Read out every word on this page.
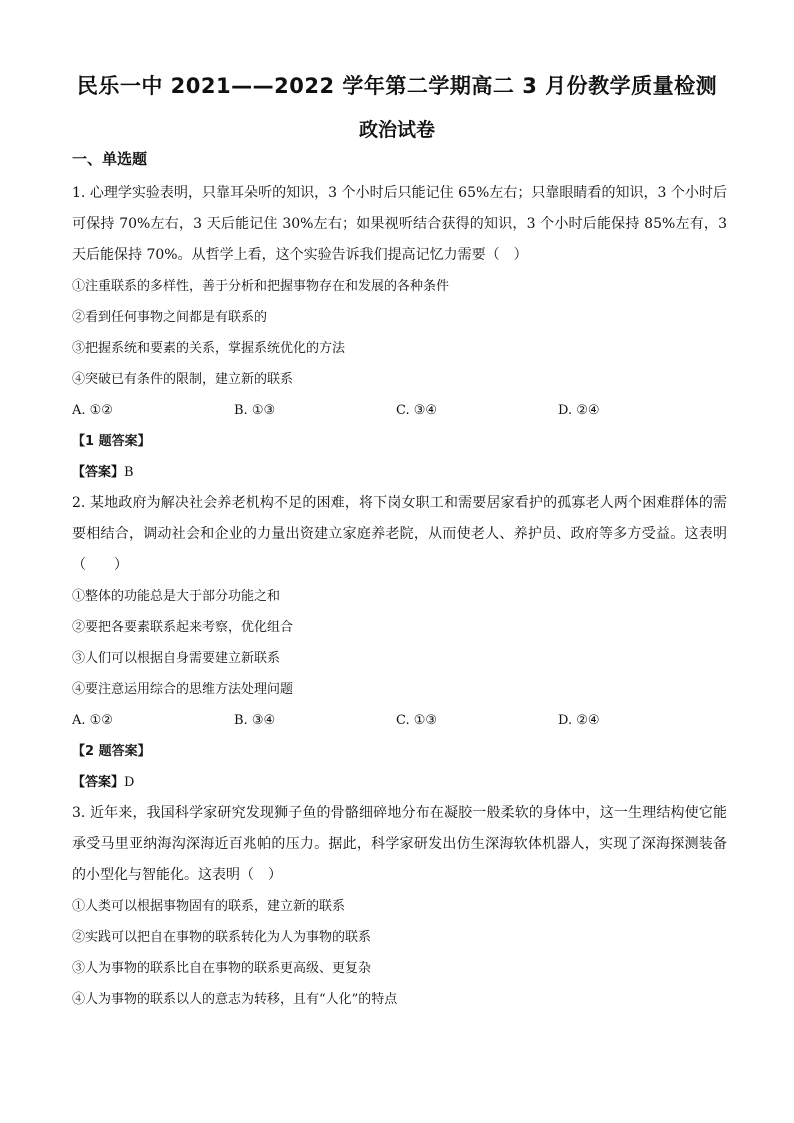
民乐一中 2021——2022 学年第二学期高二 3 月份教学质量检测
政治试卷

一、单选题

1. 心理学实验表明，只靠耳朵听的知识，3 个小时后只能记住 65%左右；只靠眼睛看的知识，3 个小时后可保持 70%左右，3 天后能记住 30%左右；如果视听结合获得的知识，3 个小时后能保持 85%左有，3 天后能保持 70%。从哲学上看，这个实验告诉我们提高记忆力需要（　）

①注重联系的多样性，善于分析和把握事物存在和发展的各种条件

②看到任何事物之间都是有联系的

③把握系统和要素的关系，掌握系统优化的方法

④突破已有条件的限制，建立新的联系

A. ①②	B. ①③	C. ③④	D. ②④

【1 题答案】

【答案】B

2. 某地政府为解决社会养老机构不足的困难，将下岗女职工和需要居家看护的孤寡老人两个困难群体的需要相结合，调动社会和企业的力量出资建立家庭养老院，从而使老人、养护员、政府等多方受益。这表明（　　）

①整体的功能总是大于部分功能之和

②要把各要素联系起来考察，优化组合

③人们可以根据自身需要建立新联系

④要注意运用综合的思维方法处理问题

A. ①②	B. ③④	C. ①③	D. ②④

【2 题答案】

【答案】D

3. 近年来，我国科学家研究发现狮子鱼的骨骼细碎地分布在凝胶一般柔软的身体中，这一生理结构使它能承受马里亚纳海沟深海近百兆帕的压力。据此，科学家研发出仿生深海软体机器人，实现了深海探测装备的小型化与智能化。这表明（　）

①人类可以根据事物固有的联系，建立新的联系

②实践可以把自在事物的联系转化为人为事物的联系

③人为事物的联系比自在事物的联系更高级、更复杂

④人为事物的联系以人的意志为转移，且有“人化”的特点
